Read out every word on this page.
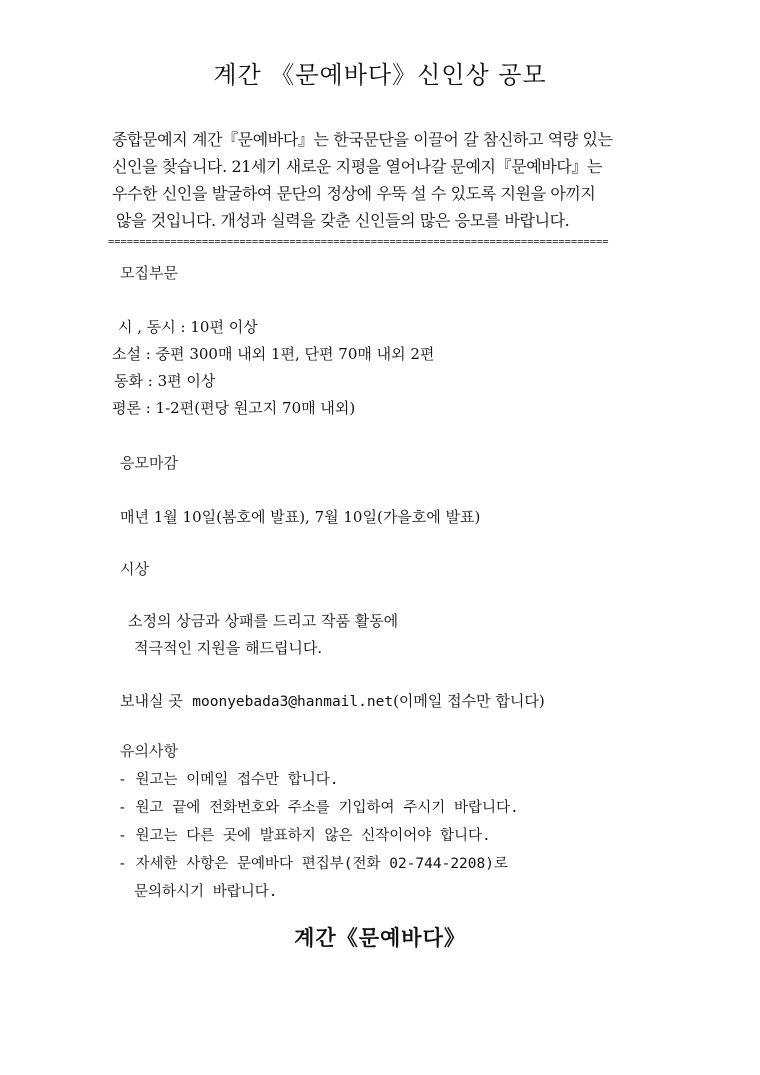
계간 《문예바다》신인상 공모
종합문예지 계간『문예바다』는 한국문단을 이끌어 갈 참신하고 역량 있는
신인을 찾습니다. 21세기 새로운 지평을 열어나갈 문예지『문예바다』는
우수한 신인을 발굴하여 문단의 정상에 우뚝 설 수 있도록 지원을 아끼지
않을 것입니다. 개성과 실력을 갖춘 신인들의 많은 응모를 바랍니다.
================================================================================
모집부문
시 , 동시 : 10편 이상
소설 : 중편 300매 내외 1편, 단편 70매 내외 2편
동화 : 3편 이상
평론 : 1-2편(편당 원고지 70매 내외)
응모마감
매년 1월 10일(봄호에 발표), 7월 10일(가을호에 발표)
시상
소정의 상금과 상패를 드리고 작품 활동에
적극적인 지원을 해드립니다.
보내실 곳 moonyebada3@hanmail.net(이메일 접수만 합니다)
유의사항
- 원고는 이메일 접수만 합니다.
- 원고 끝에 전화번호와 주소를 기입하여 주시기 바랍니다.
- 원고는 다른 곳에 발표하지 않은 신작이어야 합니다.
- 자세한 사항은 문예바다 편집부(전화 02-744-2208)로
문의하시기 바랍니다.
계간《문예바다》
